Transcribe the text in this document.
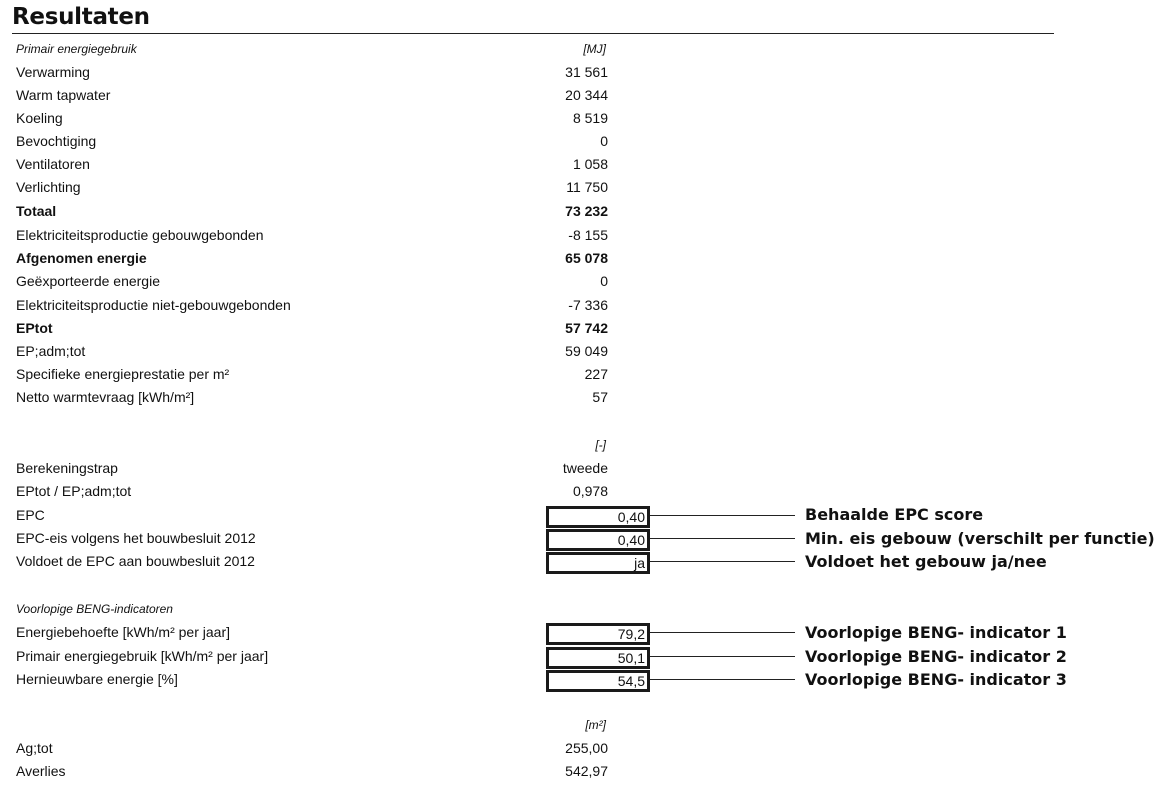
Resultaten
Primair energiegebruik	[MJ]
Verwarming	31 561
Warm tapwater	20 344
Koeling	8 519
Bevochtiging	0
Ventilatoren	1 058
Verlichting	11 750
Totaal	73 232
Elektriciteitsproductie gebouwgebonden	-8 155
Afgenomen energie	65 078
Geëxporteerde energie	0
Elektriciteitsproductie niet-gebouwgebonden	-7 336
EPtot	57 742
EP;adm;tot	59 049
Specifieke energieprestatie per m²	227
Netto warmtevraag [kWh/m²]	57
[-]
Berekeningstrap	tweede
EPtot / EP;adm;tot	0,978
EPC	0,40
EPC-eis volgens het bouwbesluit 2012	0,40
Voldoet de EPC aan bouwbesluit 2012	ja
Voorlopige BENG-indicatoren
Energiebehoefte [kWh/m² per jaar]	79,2
Primair energiegebruik [kWh/m² per jaar]	50,1
Hernieuwbare energie [%]	54,5
[m²]
Ag;tot	255,00
Averlies	542,97
Behaalde EPC score
Min. eis gebouw (verschilt per functie)
Voldoet het gebouw ja/nee
Voorlopige BENG- indicator 1
Voorlopige BENG- indicator 2
Voorlopige BENG- indicator 3
